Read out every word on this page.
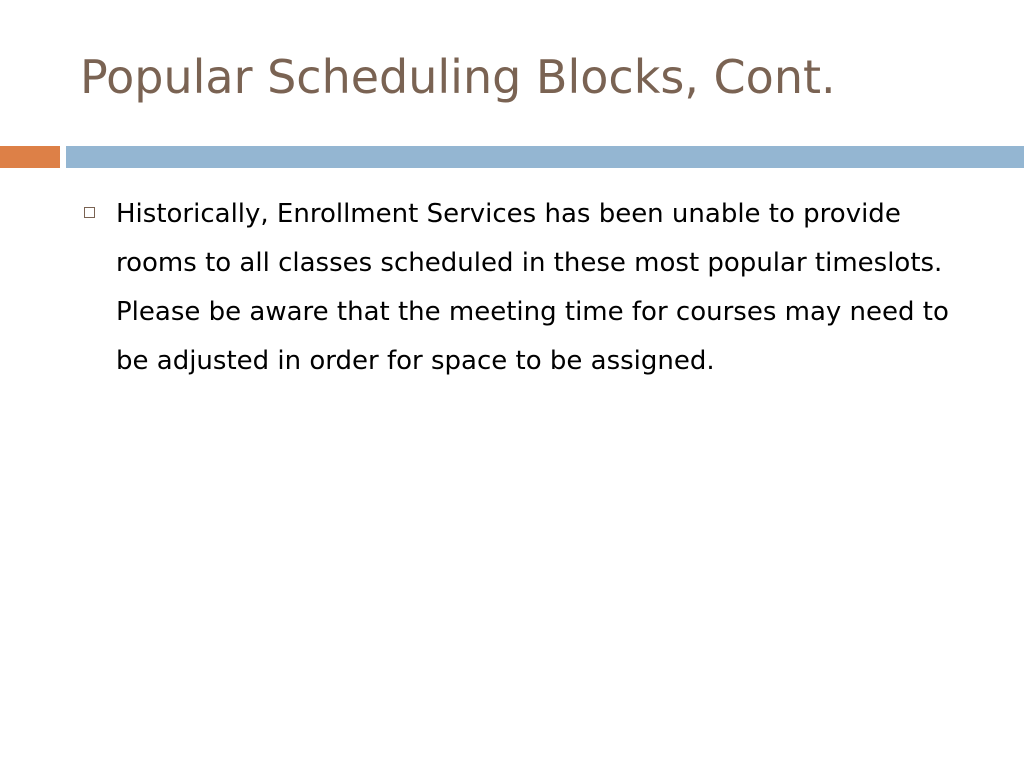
Popular Scheduling Blocks, Cont.
Historically, Enrollment Services has been unable to provide rooms to all classes scheduled in these most popular timeslots. Please be aware that the meeting time for courses may need to be adjusted in order for space to be assigned.
